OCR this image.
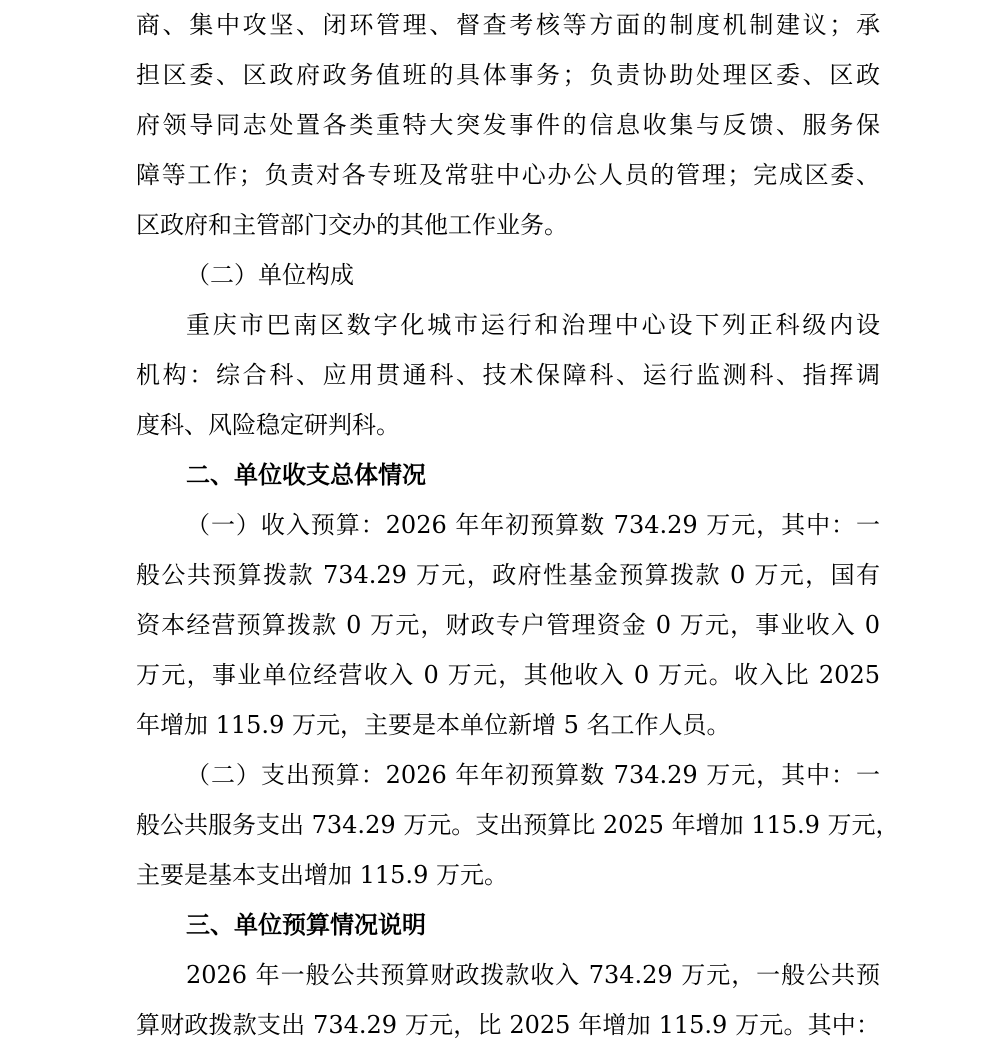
商、集中攻坚、闭环管理、督查考核等方面的制度机制建议；承
担区委、区政府政务值班的具体事务；负责协助处理区委、区政
府领导同志处置各类重特大突发事件的信息收集与反馈、服务保
障等工作；负责对各专班及常驻中心办公人员的管理；完成区委、
区政府和主管部门交办的其他工作业务。
（二）单位构成
重庆市巴南区数字化城市运行和治理中心设下列正科级内设
机构：综合科、应用贯通科、技术保障科、运行监测科、指挥调
度科、风险稳定研判科。
二、单位收支总体情况
（一）收入预算：2026 年年初预算数 734.29 万元，其中：一
般公共预算拨款 734.29 万元，政府性基金预算拨款 0 万元，国有
资本经营预算拨款 0 万元，财政专户管理资金 0 万元，事业收入 0
万元，事业单位经营收入 0 万元，其他收入 0 万元。收入比 2025
年增加 115.9 万元，主要是本单位新增 5 名工作人员。
（二）支出预算：2026 年年初预算数 734.29 万元，其中：一
般公共服务支出 734.29 万元。支出预算比 2025 年增加 115.9 万元，
主要是基本支出增加 115.9 万元。
三、单位预算情况说明
2026 年一般公共预算财政拨款收入 734.29 万元，一般公共预
算财政拨款支出 734.29 万元，比 2025 年增加 115.9 万元。其中：
